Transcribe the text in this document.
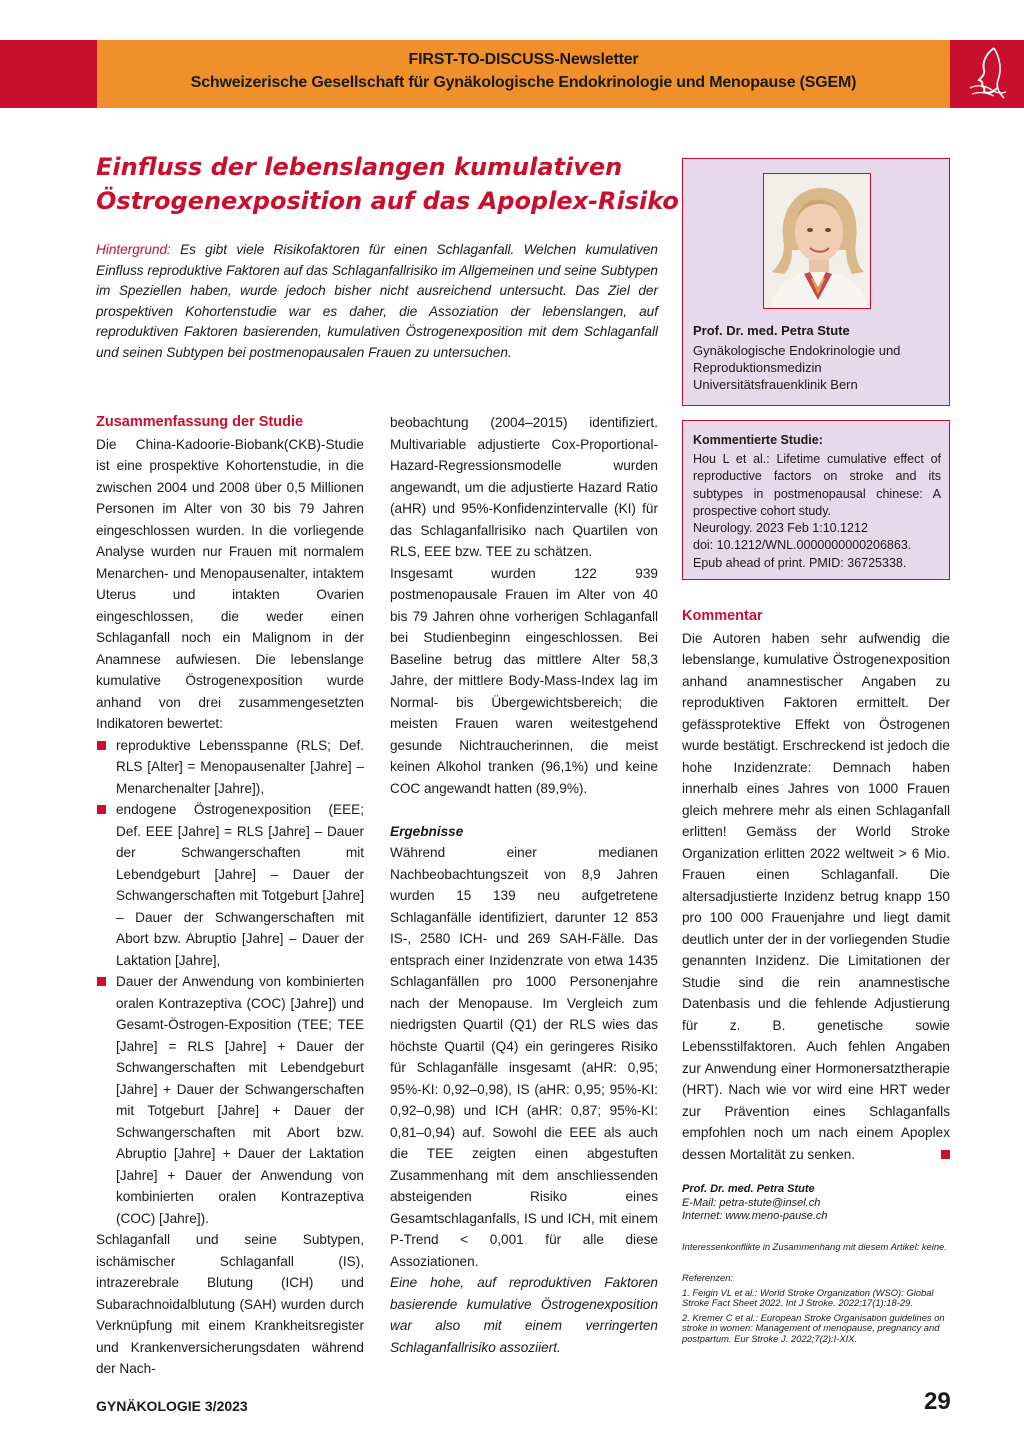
FIRST-TO-DISCUSS-Newsletter
Schweizerische Gesellschaft für Gynäkologische Endokrinologie und Menopause (SGEM)
Einfluss der lebenslangen kumulativen
Östrogenexposition auf das Apoplex-Risiko
Hintergrund: Es gibt viele Risikofaktoren für einen Schlaganfall. Welchen kumulativen Einfluss reproduktive Faktoren auf das Schlaganfallrisiko im Allgemeinen und seine Subtypen im Speziellen haben, wurde jedoch bisher nicht ausreichend untersucht. Das Ziel der prospektiven Kohortenstudie war es daher, die Assoziation der lebenslangen, auf reproduktiven Faktoren basierenden, kumulativen Östrogenexposition mit dem Schlaganfall und seinen Subtypen bei postmenopausalen Frauen zu untersuchen.
Zusammenfassung der Studie
Die China-Kadoorie-Biobank(CKB)-Studie ist eine prospektive Kohortenstudie, in die zwischen 2004 und 2008 über 0,5 Millionen Personen im Alter von 30 bis 79 Jahren eingeschlossen wurden. In die vorliegende Analyse wurden nur Frauen mit normalem Menarchen- und Menopausenalter, intaktem Uterus und intakten Ovarien eingeschlossen, die weder einen Schlaganfall noch ein Malignom in der Anamnese aufwiesen. Die lebenslange kumulative Östrogenexposition wurde anhand von drei zusammengesetzten Indikatoren bewertet:
reproduktive Lebensspanne (RLS; Def. RLS [Alter] = Menopausenalter [Jahre] – Menarchenalter [Jahre]),
endogene Östrogenexposition (EEE; Def. EEE [Jahre] = RLS [Jahre] – Dauer der Schwangerschaften mit Lebendgeburt [Jahre] – Dauer der Schwangerschaften mit Totgeburt [Jahre] – Dauer der Schwangerschaften mit Abort bzw. Abruptio [Jahre] – Dauer der Laktation [Jahre],
Dauer der Anwendung von kombinierten oralen Kontrazeptiva (COC) [Jahre]) und Gesamt-Östrogen-Exposition (TEE; TEE [Jahre] = RLS [Jahre] + Dauer der Schwangerschaften mit Lebendgeburt [Jahre] + Dauer der Schwangerschaften mit Totgeburt [Jahre] + Dauer der Schwangerschaften mit Abort bzw. Abruptio [Jahre] + Dauer der Laktation [Jahre] + Dauer der Anwendung von kombinierten oralen Kontrazeptiva (COC) [Jahre]).
Schlaganfall und seine Subtypen, ischämischer Schlaganfall (IS), intrazerebrale Blutung (ICH) und Subarachnoidalblutung (SAH) wurden durch Verknüpfung mit einem Krankheitsregister und Krankenversicherungsdaten während der Nach-
beobachtung (2004–2015) identifiziert. Multivariable adjustierte Cox-Proportional-Hazard-Regressionsmodelle wurden angewandt, um die adjustierte Hazard Ratio (aHR) und 95%-Konfidenzintervalle (KI) für das Schlaganfallrisiko nach Quartilen von RLS, EEE bzw. TEE zu schätzen.
Insgesamt wurden 122 939 postmenopausale Frauen im Alter von 40 bis 79 Jahren ohne vorherigen Schlaganfall bei Studienbeginn eingeschlossen. Bei Baseline betrug das mittlere Alter 58,3 Jahre, der mittlere Body-Mass-Index lag im Normal- bis Übergewichtsbereich; die meisten Frauen waren weitestgehend gesunde Nichtraucherinnen, die meist keinen Alkohol tranken (96,1%) und keine COC angewandt hatten (89,9%).
Ergebnisse
Während einer medianen Nachbeobachtungszeit von 8,9 Jahren wurden 15 139 neu aufgetretene Schlaganfälle identifiziert, darunter 12 853 IS-, 2580 ICH- und 269 SAH-Fälle. Das entsprach einer Inzidenzrate von etwa 1435 Schlaganfällen pro 1000 Personenjahre nach der Menopause. Im Vergleich zum niedrigsten Quartil (Q1) der RLS wies das höchste Quartil (Q4) ein geringeres Risiko für Schlaganfälle insgesamt (aHR: 0,95; 95%-KI: 0,92–0,98), IS (aHR: 0,95; 95%-KI: 0,92–0,98) und ICH (aHR: 0,87; 95%-KI: 0,81–0,94) auf. Sowohl die EEE als auch die TEE zeigten einen abgestuften Zusammenhang mit dem anschliessenden absteigenden Risiko eines Gesamtschlaganfalls, IS und ICH, mit einem P-Trend < 0,001 für alle diese Assoziationen.
Eine hohe, auf reproduktiven Faktoren basierende kumulative Östrogenexposition war also mit einem verringerten Schlaganfallrisiko assoziiert.
Prof. Dr. med. Petra Stute
Gynäkologische Endokrinologie und
Reproduktionsmedizin
Universitätsfrauenklinik Bern
Kommentierte Studie:
Hou L et al.: Lifetime cumulative effect of reproductive factors on stroke and its subtypes in postmenopausal chinese: A prospective cohort study.
Neurology. 2023 Feb 1:10.1212
doi: 10.1212/WNL.0000000000206863.
Epub ahead of print. PMID: 36725338.
Kommentar
Die Autoren haben sehr aufwendig die lebenslange, kumulative Östrogenexposition anhand anamnestischer Angaben zu reproduktiven Faktoren ermittelt. Der gefässprotektive Effekt von Östrogenen wurde bestätigt. Erschreckend ist jedoch die hohe Inzidenzrate: Demnach haben innerhalb eines Jahres von 1000 Frauen gleich mehrere mehr als einen Schlaganfall erlitten! Gemäss der World Stroke Organization erlitten 2022 weltweit > 6 Mio. Frauen einen Schlaganfall. Die altersadjustierte Inzidenz betrug knapp 150 pro 100 000 Frauenjahre und liegt damit deutlich unter der in der vorliegenden Studie genannten Inzidenz. Die Limitationen der Studie sind die rein anamnestische Datenbasis und die fehlende Adjustierung für z. B. genetische sowie Lebensstilfaktoren. Auch fehlen Angaben zur Anwendung einer Hormonersatztherapie (HRT). Nach wie vor wird eine HRT weder zur Prävention eines Schlaganfalls empfohlen noch um nach einem Apoplex dessen Mortalität zu senken.
Prof. Dr. med. Petra Stute
E-Mail: petra-stute@insel.ch
Internet: www.meno-pause.ch
Interessenkonflikte in Zusammenhang mit diesem Artikel: keine.
Referenzen:
1. Feigin VL et al.: World Stroke Organization (WSO): Global Stroke Fact Sheet 2022. Int J Stroke. 2022;17(1):18-29.
2. Kremer C et al.: European Stroke Organisation guidelines on stroke in women: Management of menopause, pregnancy and postpartum. Eur Stroke J. 2022;7(2):I-XIX.
GYNÄKOLOGIE 3/2023	29
